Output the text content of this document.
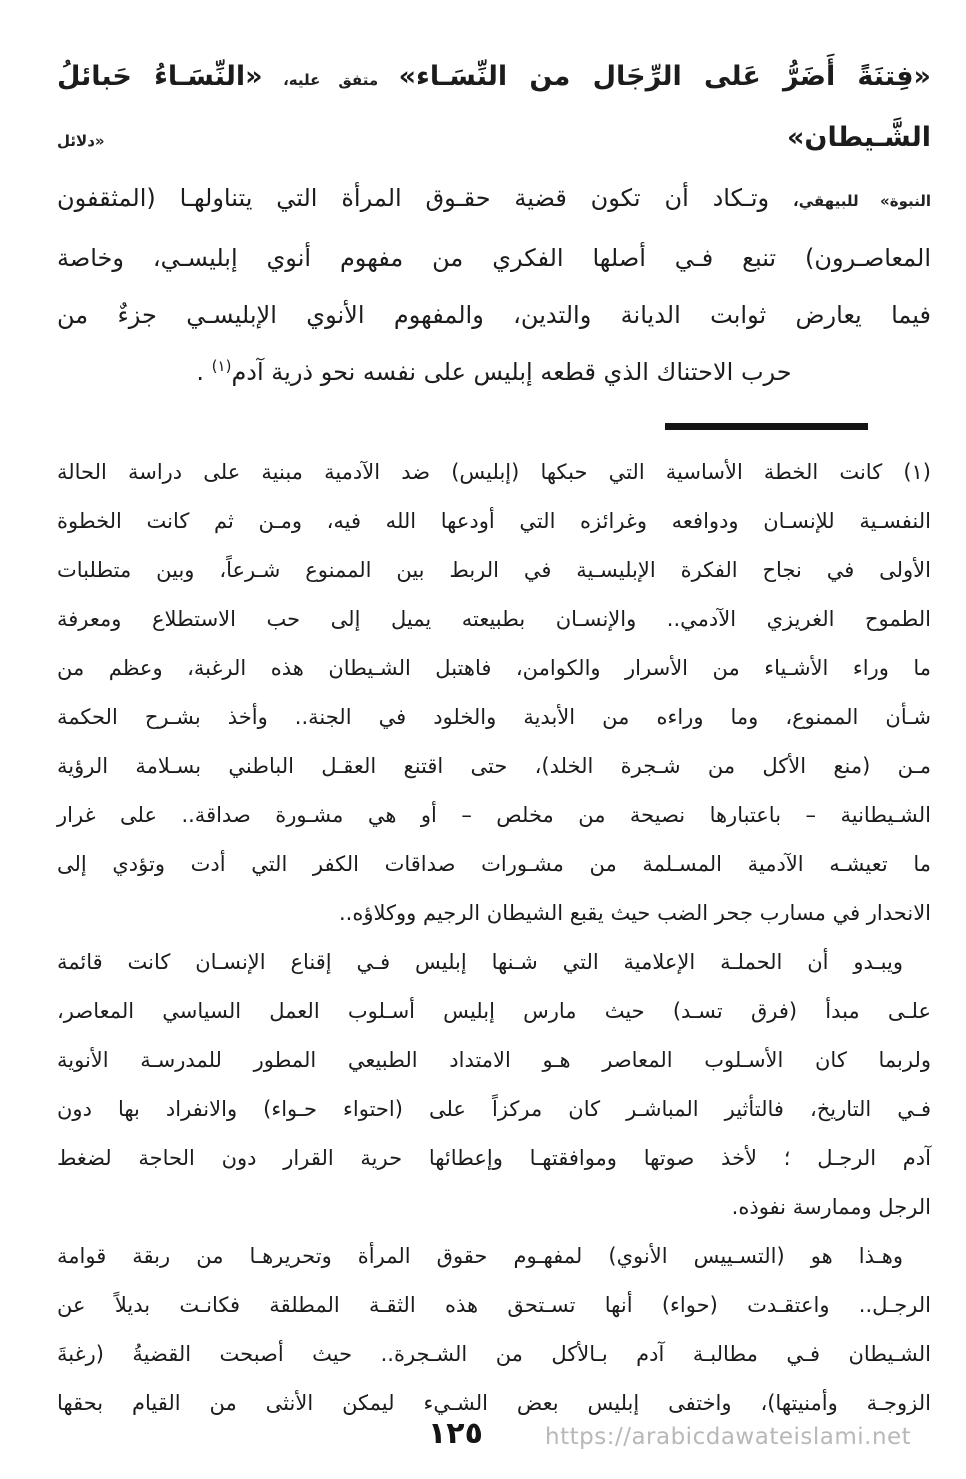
«فِتنَةً أَضَرُّ عَلى الرِّجَال من النِّسَـاء» متفق عليه، «النِّسَـاءُ حَبائلُ الشَّـيطان» «دلائل
النبوة» للبيهقي، وتـكاد أن تكون قضية حقـوق المرأة التي يتناولهـا (المثقفون
المعاصـرون) تنبع فـي أصلها الفكري من مفهوم أنوي إبليسـي، وخاصة
فيما يعارض ثوابت الديانة والتدين، والمفهوم الأنوي الإبليسـي جزءٌ من
حرب الاحتناك الذي قطعه إبليس على نفسه نحو ذرية آدم$^{(١)}$ .
(١) كانت الخطة الأساسية التي حبكها (إبليس) ضد الآدمية مبنية على دراسة الحالة
النفسـية للإنسـان ودوافعه وغرائزه التي أودعها الله فيه، ومـن ثم كانت الخطوة
الأولى في نجاح الفكرة الإبليسـية في الربط بين الممنوع شـرعاً، وبين متطلبات
الطموح الغريزي الآدمي.. والإنسـان بطبيعته يميل إلى حب الاستطلاع ومعرفة
ما وراء الأشـياء من الأسرار والكوامن، فاهتبل الشـيطان هذه الرغبة، وعظم من
شـأن الممنوع، وما وراءه من الأبدية والخلود في الجنة.. وأخذ بشـرح الحكمة
مـن (منع الأكل من شـجرة الخلد)، حتى اقتنع العقـل الباطني بسـلامة الرؤية
الشـيطانية – باعتبارها نصيحة من مخلص – أو هي مشـورة صداقة.. على غرار
ما تعيشـه الآدمية المسـلمة من مشـورات صداقات الكفر التي أدت وتؤدي إلى
الانحدار في مسارب جحر الضب حيث يقبع الشيطان الرجيم ووكلاؤه..
ويبـدو أن الحملـة الإعلامية التي شـنها إبليس فـي إقناع الإنسـان كانت قائمة
علـى مبدأ (فرق تسـد) حيث مارس إبليس أسـلوب العمل السياسي المعاصر،
ولربما كان الأسـلوب المعاصر هـو الامتداد الطبيعي المطور للمدرسـة الأنوية
فـي التاريخ، فالتأثير المباشـر كان مركزاً على (احتواء حـواء) والانفراد بها دون
آدم الرجـل ؛ لأخذ صوتها وموافقتهـا وإعطائها حرية القرار دون الحاجة لضغط
الرجل وممارسة نفوذه.
وهـذا هو (التسـييس الأنوي) لمفهـوم حقوق المرأة وتحريرهـا من ربقة قوامة
الرجـل.. واعتقـدت (حواء) أنها تسـتحق هذه الثقـة المطلقة فكانـت بديلاً عن
الشـيطان فـي مطالبـة آدم بـالأكل من الشـجرة.. حيث أصبحت القضيةُ (رغبةَ
الزوجـة وأمنيتها)، واختفى إبليس بعض الشـيء ليمكن الأنثى من القيام بحقها
١٢٥	https://arabicdawateislami.net
